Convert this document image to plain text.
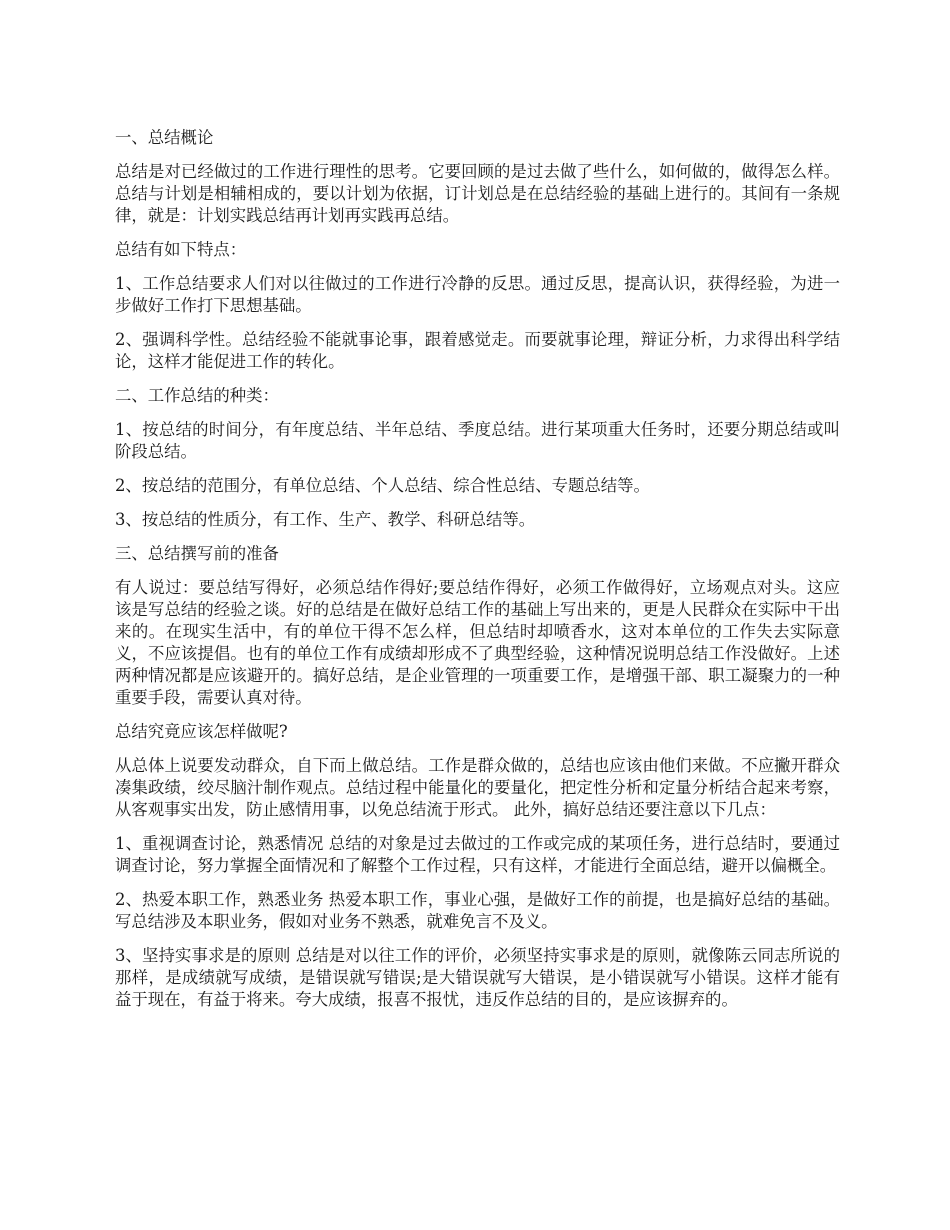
一、总结概论

总结是对已经做过的工作进行理性的思考。它要回顾的是过去做了些什么，如何做的，做得怎么样。总结与计划是相辅相成的，要以计划为依据，订计划总是在总结经验的基础上进行的。其间有一条规律，就是：计划实践总结再计划再实践再总结。

总结有如下特点：

1、工作总结要求人们对以往做过的工作进行冷静的反思。通过反思，提高认识，获得经验，为进一步做好工作打下思想基础。

2、强调科学性。总结经验不能就事论事，跟着感觉走。而要就事论理，辩证分析，力求得出科学结论，这样才能促进工作的转化。

二、工作总结的种类：

1、按总结的时间分，有年度总结、半年总结、季度总结。进行某项重大任务时，还要分期总结或叫阶段总结。

2、按总结的范围分，有单位总结、个人总结、综合性总结、专题总结等。

3、按总结的性质分，有工作、生产、教学、科研总结等。

三、总结撰写前的准备

有人说过：要总结写得好，必须总结作得好;要总结作得好，必须工作做得好，立场观点对头。这应该是写总结的经验之谈。好的总结是在做好总结工作的基础上写出来的，更是人民群众在实际中干出来的。在现实生活中，有的单位干得不怎么样，但总结时却喷香水，这对本单位的工作失去实际意义，不应该提倡。也有的单位工作有成绩却形成不了典型经验，这种情况说明总结工作没做好。上述两种情况都是应该避开的。搞好总结，是企业管理的一项重要工作，是增强干部、职工凝聚力的一种重要手段，需要认真对待。

总结究竟应该怎样做呢?

从总体上说要发动群众，自下而上做总结。工作是群众做的，总结也应该由他们来做。不应撇开群众凑集政绩，绞尽脑汁制作观点。总结过程中能量化的要量化，把定性分析和定量分析结合起来考察，从客观事实出发，防止感情用事，以免总结流于形式。 此外，搞好总结还要注意以下几点：

1、重视调查讨论，熟悉情况 总结的对象是过去做过的工作或完成的某项任务，进行总结时，要通过调查讨论，努力掌握全面情况和了解整个工作过程，只有这样，才能进行全面总结，避开以偏概全。

2、热爱本职工作，熟悉业务 热爱本职工作，事业心强，是做好工作的前提，也是搞好总结的基础。写总结涉及本职业务，假如对业务不熟悉，就难免言不及义。

3、坚持实事求是的原则 总结是对以往工作的评价，必须坚持实事求是的原则，就像陈云同志所说的那样，是成绩就写成绩，是错误就写错误;是大错误就写大错误，是小错误就写小错误。这样才能有益于现在，有益于将来。夸大成绩，报喜不报忧，违反作总结的目的，是应该摒弃的。
